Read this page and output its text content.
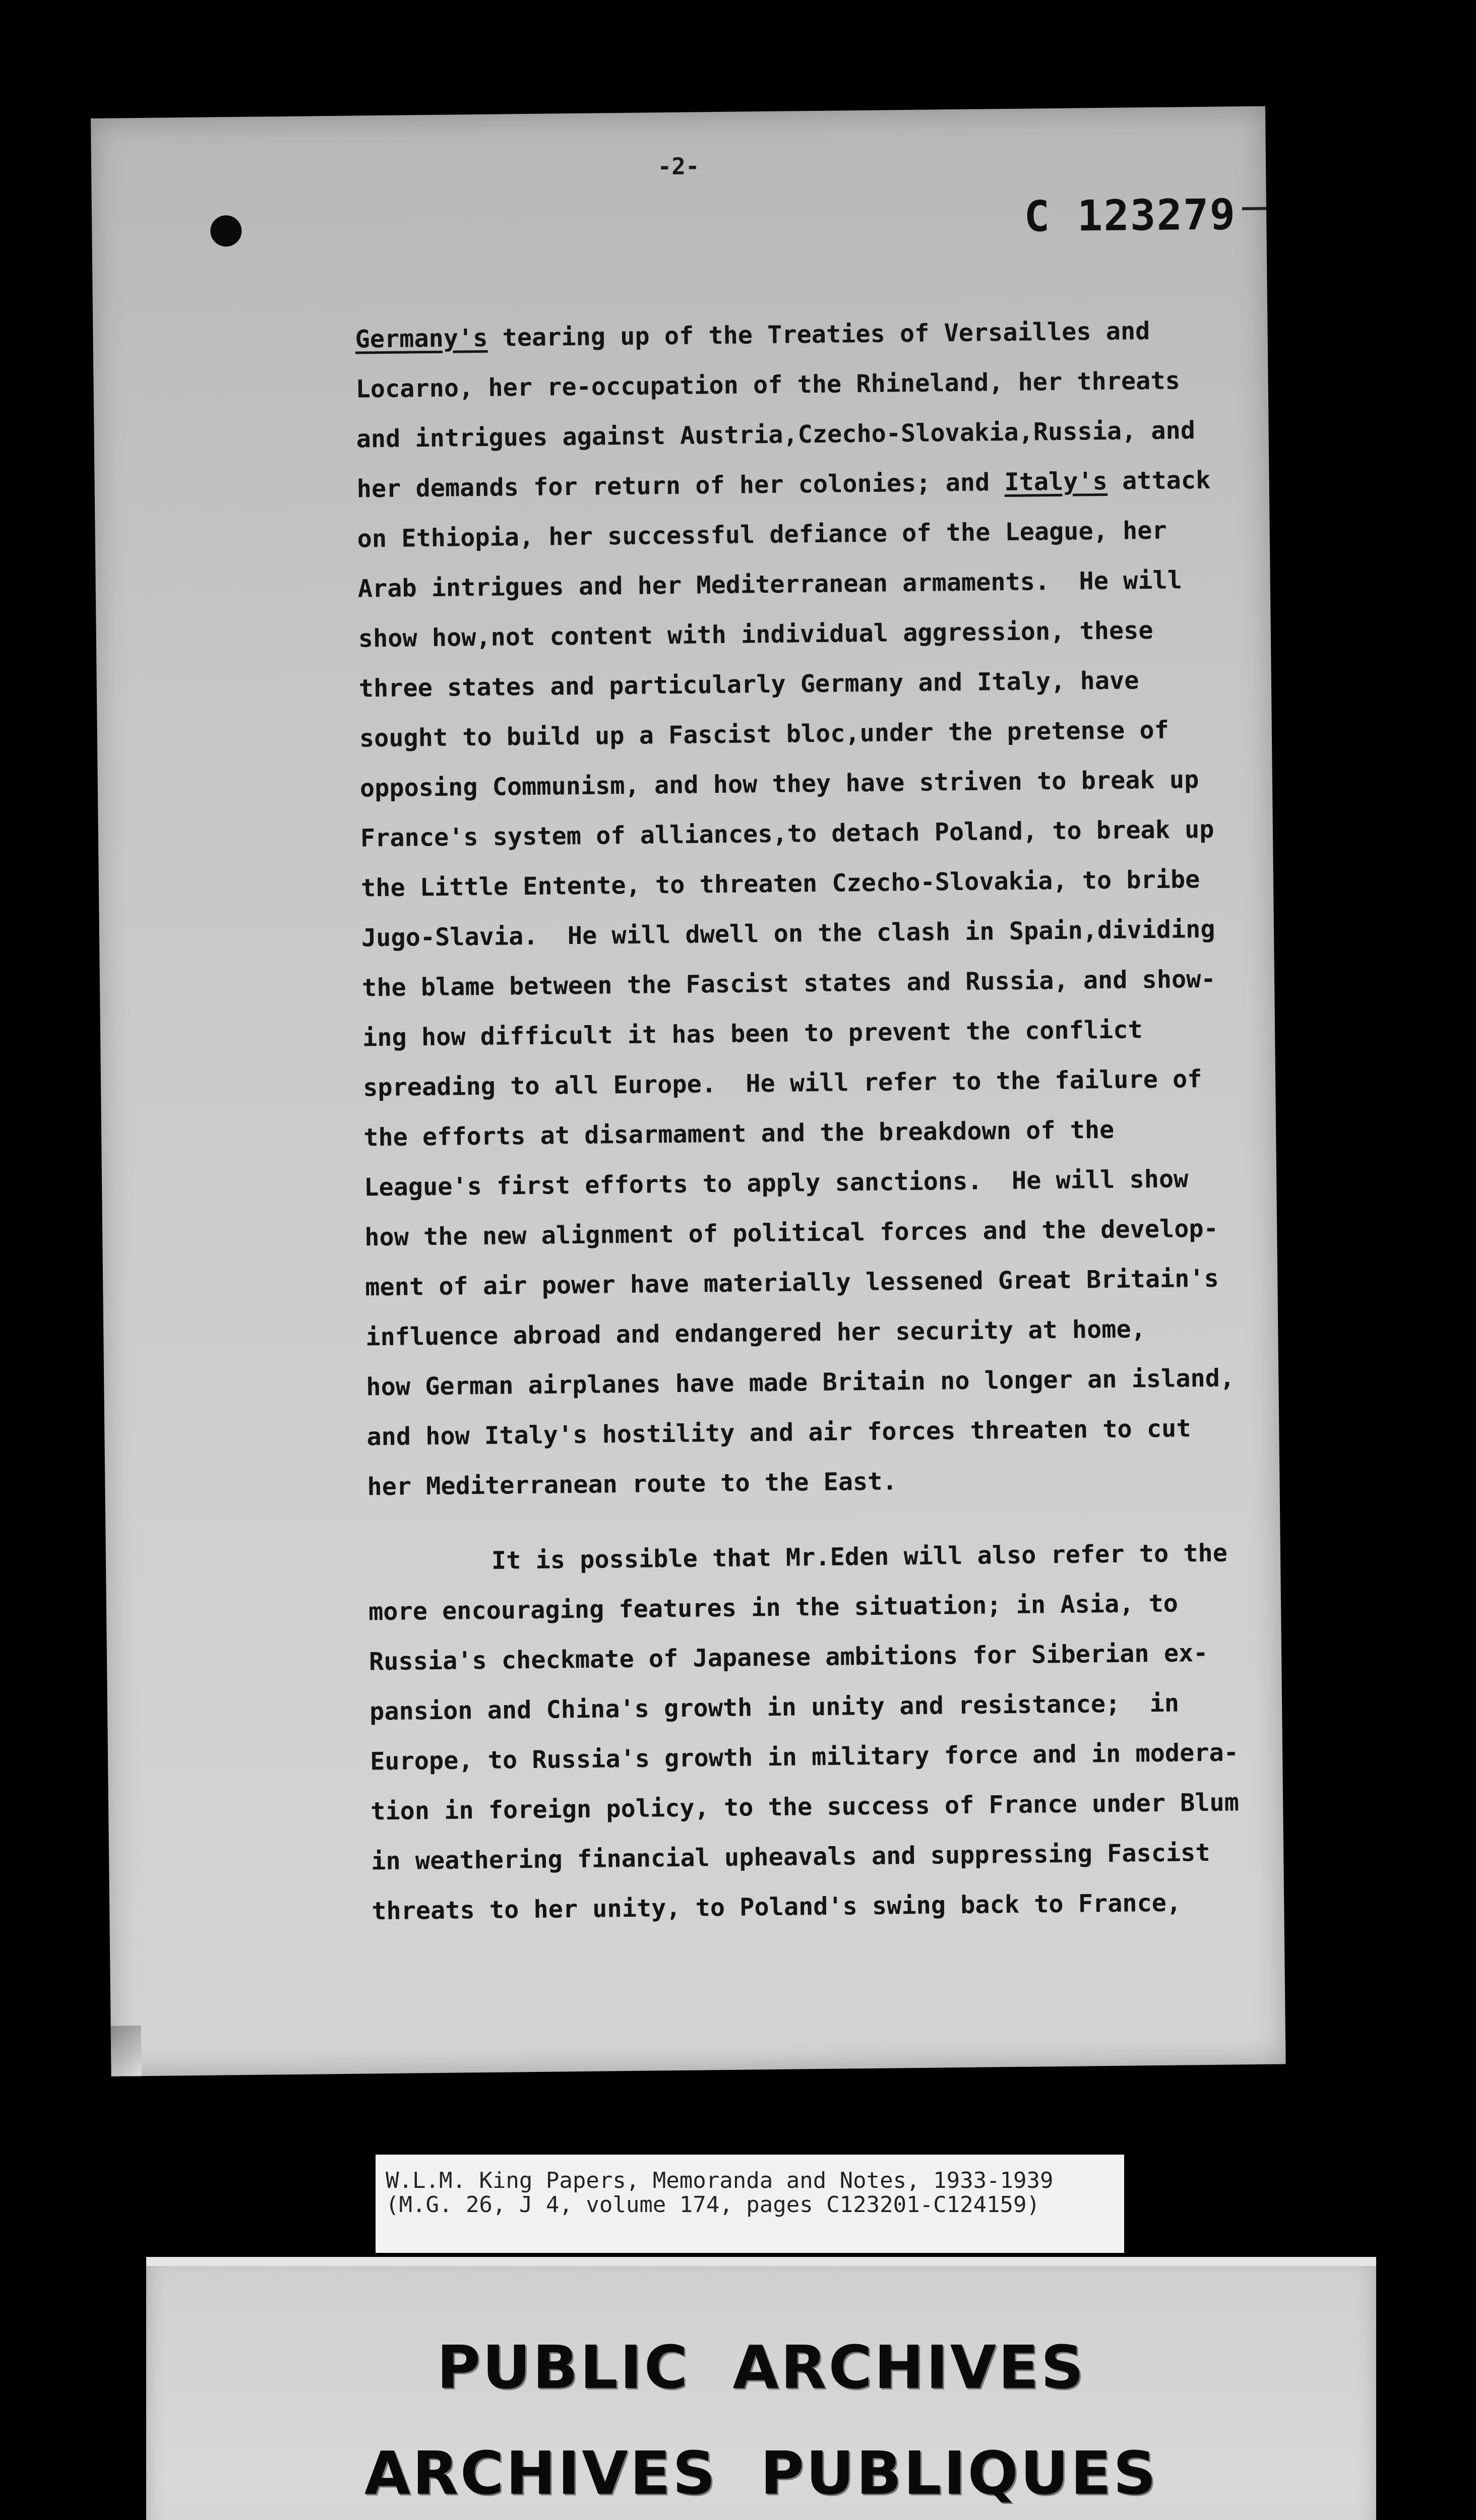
-2-
C 123279
Germany's tearing up of the Treaties of Versailles and
Locarno, her re-occupation of the Rhineland, her threats
and intrigues against Austria,Czecho-Slovakia,Russia, and
her demands for return of her colonies; and Italy's attack
on Ethiopia, her successful defiance of the League, her
Arab intrigues and her Mediterranean armaments.  He will
show how,not content with individual aggression, these
three states and particularly Germany and Italy, have
sought to build up a Fascist bloc,under the pretense of
opposing Communism, and how they have striven to break up
France's system of alliances,to detach Poland, to break up
the Little Entente, to threaten Czecho-Slovakia, to bribe
Jugo-Slavia.  He will dwell on the clash in Spain,dividing
the blame between the Fascist states and Russia, and show-
ing how difficult it has been to prevent the conflict
spreading to all Europe.  He will refer to the failure of
the efforts at disarmament and the breakdown of the
League's first efforts to apply sanctions.  He will show
how the new alignment of political forces and the develop-
ment of air power have materially lessened Great Britain's
influence abroad and endangered her security at home,
how German airplanes have made Britain no longer an island,
and how Italy's hostility and air forces threaten to cut
her Mediterranean route to the East.
It is possible that Mr.Eden will also refer to the
more encouraging features in the situation; in Asia, to
Russia's checkmate of Japanese ambitions for Siberian ex-
pansion and China's growth in unity and resistance;  in
Europe, to Russia's growth in military force and in modera-
tion in foreign policy, to the success of France under Blum
in weathering financial upheavals and suppressing Fascist
threats to her unity, to Poland's swing back to France,
W.L.M. King Papers, Memoranda and Notes, 1933-1939
(M.G. 26, J 4, volume 174, pages C123201-C124159)
PUBLIC ARCHIVES
ARCHIVES PUBLIQUES
